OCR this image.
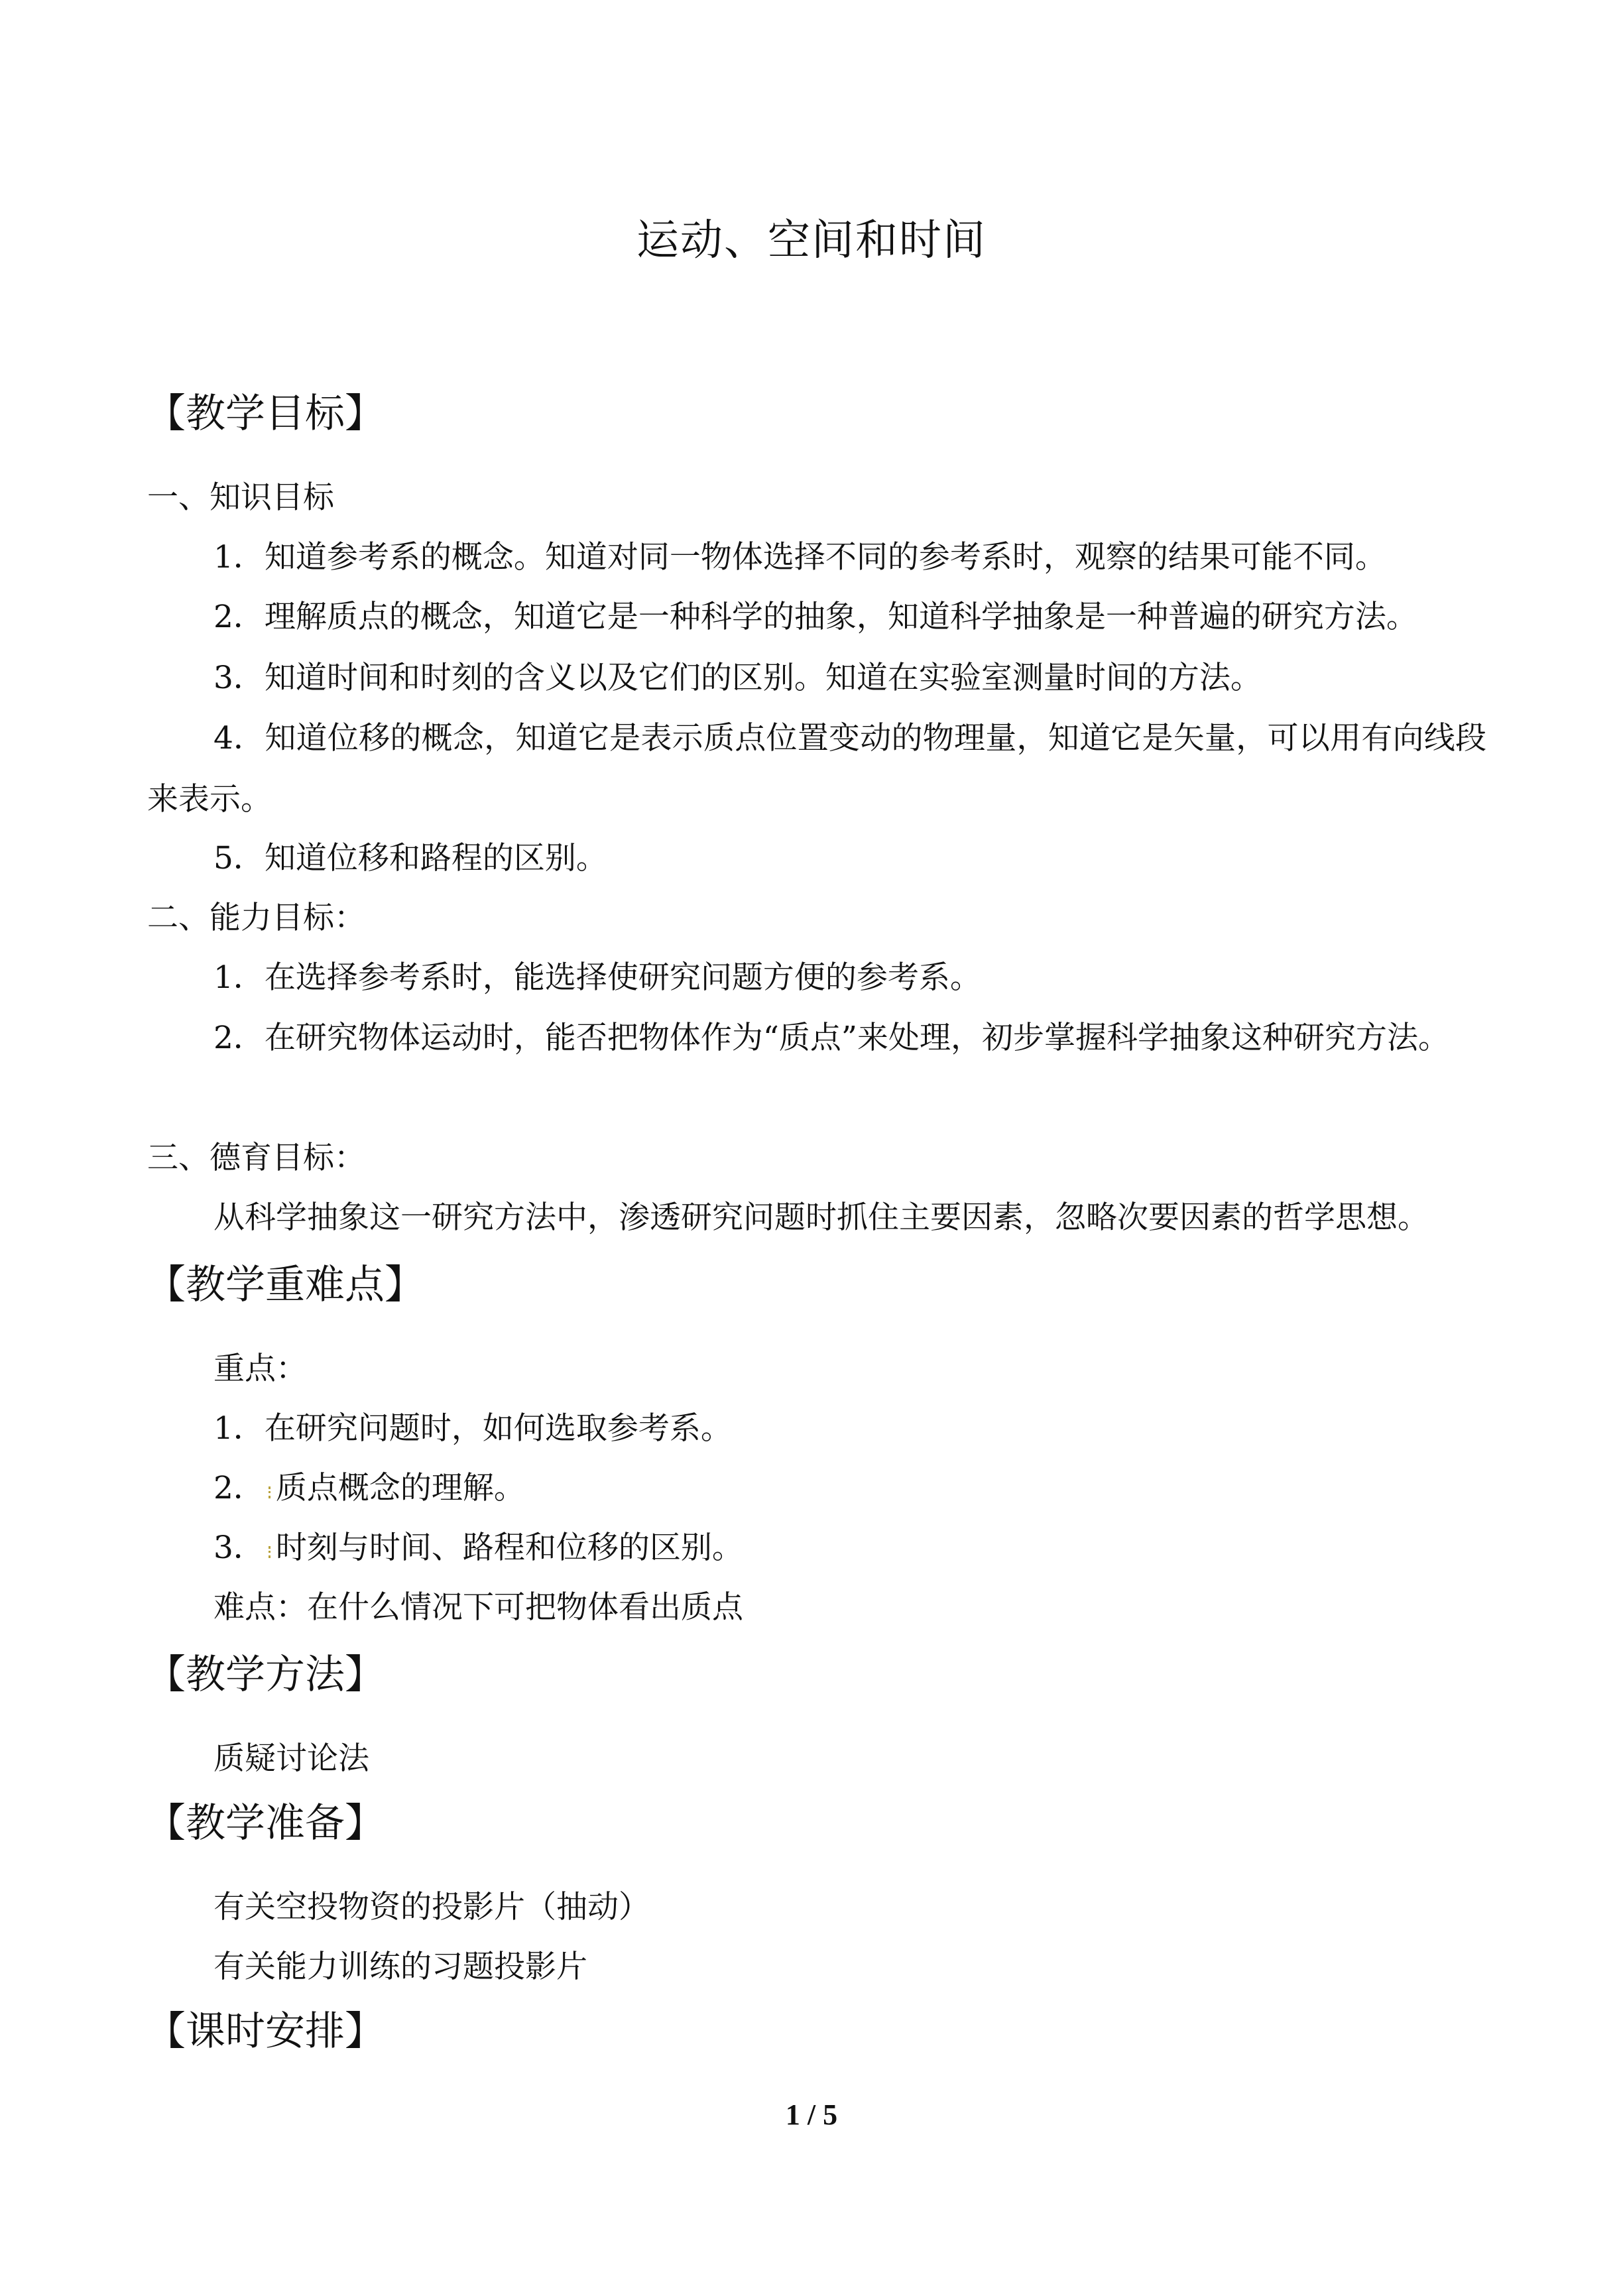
运动、空间和时间
【教学目标】
一、知识目标
1．知道参考系的概念。知道对同一物体选择不同的参考系时，观察的结果可能不同。
2．理解质点的概念，知道它是一种科学的抽象，知道科学抽象是一种普遍的研究方法。
3．知道时间和时刻的含义以及它们的区别。知道在实验室测量时间的方法。
4．知道位移的概念，知道它是表示质点位置变动的物理量，知道它是矢量，可以用有向线段来表示。
5．知道位移和路程的区别。
二、能力目标：
1．在选择参考系时，能选择使研究问题方便的参考系。
2．在研究物体运动时，能否把物体作为“质点”来处理，初步掌握科学抽象这种研究方法。
三、德育目标：
从科学抽象这一研究方法中，渗透研究问题时抓住主要因素，忽略次要因素的哲学思想。
【教学重难点】
重点：
1．在研究问题时，如何选取参考系。
2． 质点概念的理解。
3． 时刻与时间、路程和位移的区别。
难点：在什么情况下可把物体看出质点
【教学方法】
质疑讨论法
【教学准备】
有关空投物资的投影片（抽动）
有关能力训练的习题投影片
【课时安排】
1 / 5
